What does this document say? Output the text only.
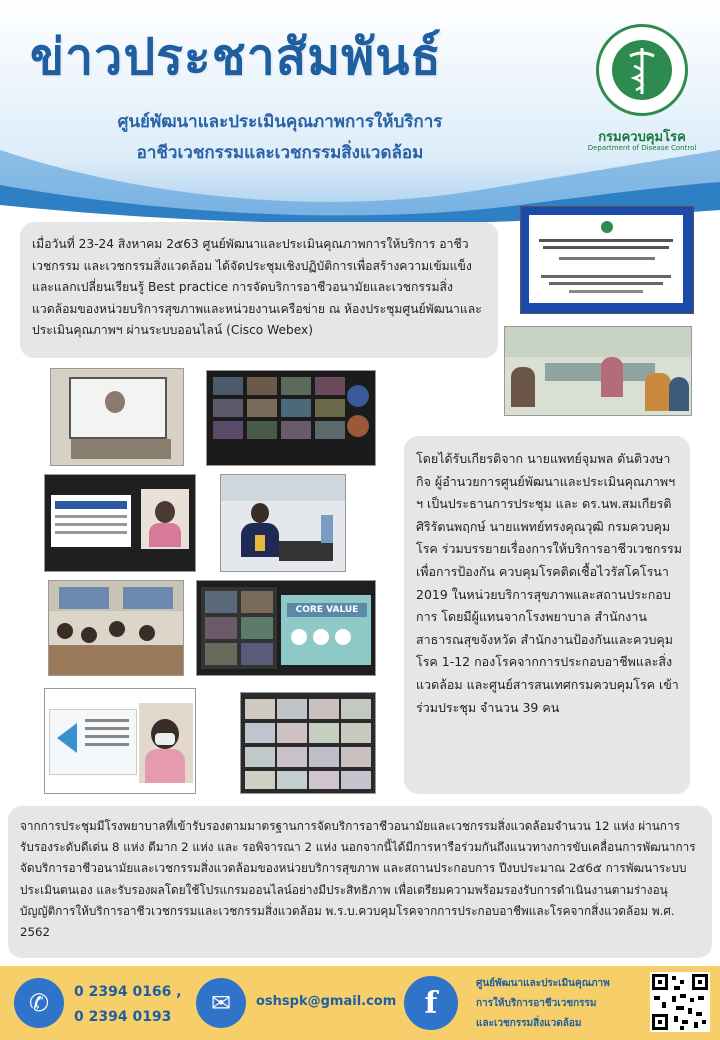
ข่าวประชาสัมพันธ์
ศูนย์พัฒนาและประเมินคุณภาพการให้บริการ
อาชีวเวชกรรมและเวชกรรมสิ่งแวดล้อม
กรมควบคุมโรค
Department of Disease Control
เมื่อวันที่ 23-24 สิงหาคม 2๕63 ศูนย์พัฒนาและประเมินคุณภาพการให้บริการ อาชีวเวชกรรม และเวชกรรมสิ่งแวดล้อม ได้จัดประชุมเชิงปฏิบัติการเพื่อสร้างความเข้มแข็งและแลกเปลี่ยนเรียนรู้ Best practice การจัดบริการอาชีวอนามัยและเวชกรรมสิ่งแวดล้อมของหน่วยบริการสุขภาพและหน่วยงานเครือข่าย ณ ห้องประชุมศูนย์พัฒนาและประเมินคุณภาพฯ ผ่านระบบออนไลน์ (Cisco Webex)
CORE VALUE
โดยได้รับเกียรติจาก นายแพทย์จุมพล ดันติวงษากิจ ผู้อำนวยการศูนย์พัฒนาและประเมินคุณภาพฯฯ เป็นประธานการประชุม และ ดร.นพ.สมเกียรติ ศิริรัตนพฤกษ์ นายแพทย์ทรงคุณวุฒิ กรมควบคุมโรค ร่วมบรรยายเรื่องการให้บริการอาชีวเวชกรรมเพื่อการป้องกัน ควบคุมโรคติดเชื้อไวรัสโคโรนา 2019 ในหน่วยบริการสุขภาพและสถานประกอบการ โดยมีผู้แทนจากโรงพยาบาล สำนักงานสาธารณสุขจังหวัด สำนักงานป้องกันและควบคุมโรค 1-12 กองโรคจากการประกอบอาชีพและสิ่งแวดล้อม และศูนย์สารสนเทศกรมควบคุมโรค เข้าร่วมประชุม จำนวน 39 คน
จากการประชุมมีโรงพยาบาลที่เข้ารับรองตามมาตรฐานการจัดบริการอาชีวอนามัยและเวชกรรมสิ่งแวดล้อมจำนวน 12 แห่ง ผ่านการรับรองระดับดีเด่น 8 แห่ง ดีมาก 2 แห่ง และ รอพิจารณา 2 แห่ง นอกจากนี้ได้มีการหารือร่วมกันถึงแนวทางการขับเคลื่อนการพัฒนาการจัดบริการอาชีวอนามัยและเวชกรรมสิ่งแวดล้อมของหน่วยบริการสุขภาพ และสถานประกอบการ ปีงบประมาณ 2๕6๕ การพัฒนาระบบประเมินตนเอง และรับรองผลโดยใช้โปรแกรมออนไลน์อย่างมีประสิทธิภาพ เพื่อเตรียมความพร้อมรองรับการดำเนินงานตามร่างอนุบัญญัติการให้บริการอาชีวเวชกรรมและเวชกรรมสิ่งแวดล้อม พ.ร.บ.ควบคุมโรคจากการประกอบอาชีพและโรคจากสิ่งแวดล้อม พ.ศ. 2562
✆	0 2394 0166 ,
0 2394 0193	✉	oshspk@gmail.com f
ศูนย์พัฒนาและประเมินคุณภาพ
การให้บริการอาชีวเวชกรรม
และเวชกรรมสิ่งแวดล้อม
